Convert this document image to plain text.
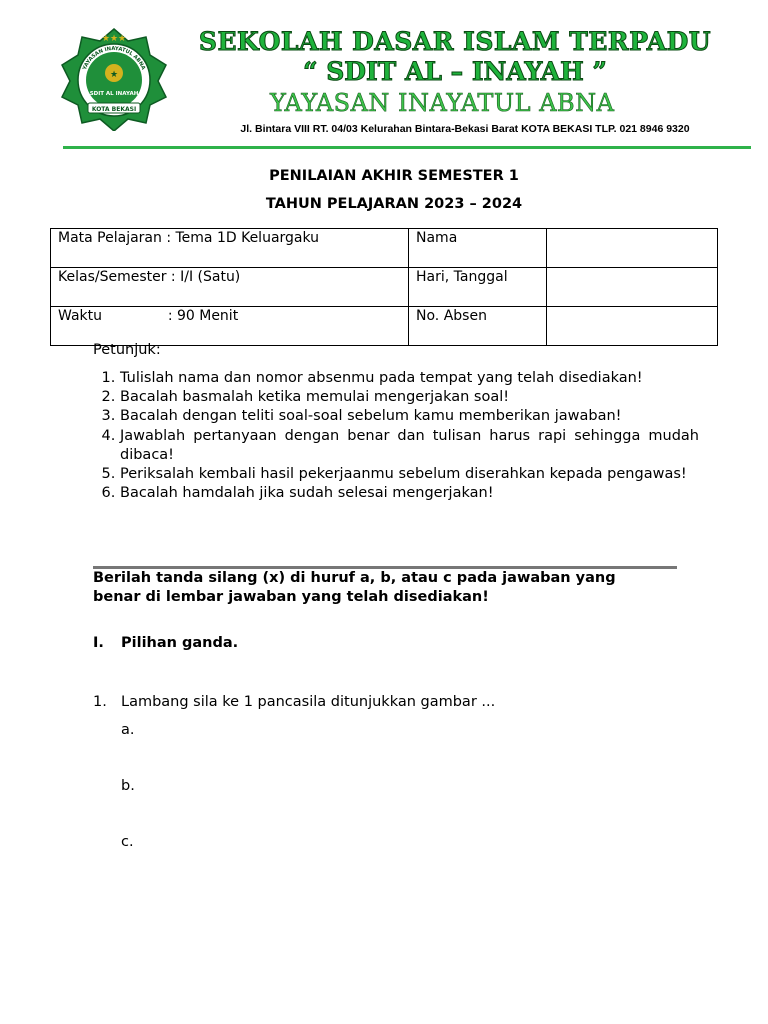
YAYASAN INAYATUL ABNA
★
SDIT AL INAYAH
KOTA BEKASI
★★★	SEKOLAH DASAR ISLAM TERPADU
“ SDIT AL – INAYAH ”
YAYASAN INAYATUL ABNA
Jl. Bintara VIII RT. 04/03 Kelurahan Bintara-Bekasi Barat KOTA BEKASI TLP. 021 8946 9320
PENILAIAN AKHIR SEMESTER 1
TAHUN PELAJARAN 2023 – 2024
Mata Pelajaran : Tema 1D Keluargaku	Nama	
Kelas/Semester : I/I (Satu)	Hari, Tanggal	
Waktu : 90 Menit	No. Absen	
Petunjuk:
1. Tulislah nama dan nomor absenmu pada tempat yang telah disediakan!
2. Bacalah basmalah ketika memulai mengerjakan soal!
3. Bacalah dengan teliti soal-soal sebelum kamu memberikan jawaban!
4. Jawablah pertanyaan dengan benar dan tulisan harus rapi sehingga mudah dibaca!
5. Periksalah kembali hasil pekerjaanmu sebelum diserahkan kepada pengawas!
6. Bacalah hamdalah jika sudah selesai mengerjakan!
Berilah tanda silang (x) di huruf a, b, atau c pada jawaban yang benar di lembar jawaban yang telah disediakan!
I. Pilihan ganda.
1. Lambang sila ke 1 pancasila ditunjukkan gambar ...
a.
b.
c.
